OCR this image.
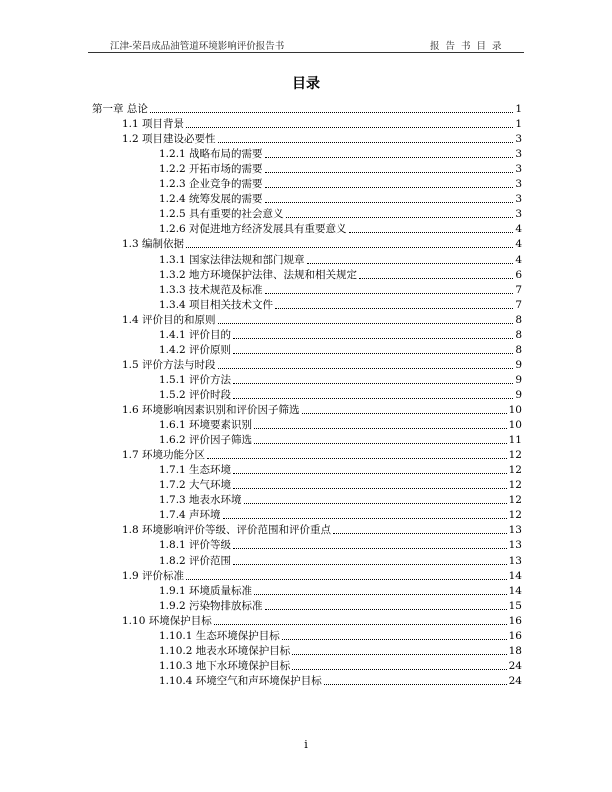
江津-荣昌成品油管道环境影响评价报告书	报告书目录
目录
第一章 总论	1
1.1 项目背景	1
1.2 项目建设必要性	3
1.2.1 战略布局的需要	3
1.2.2 开拓市场的需要	3
1.2.3 企业竞争的需要	3
1.2.4 统筹发展的需要	3
1.2.5 具有重要的社会意义	3
1.2.6 对促进地方经济发展具有重要意义	4
1.3 编制依据	4
1.3.1 国家法律法规和部门规章	4
1.3.2 地方环境保护法律、法规和相关规定	6
1.3.3 技术规范及标准	7
1.3.4 项目相关技术文件	7
1.4 评价目的和原则	8
1.4.1 评价目的	8
1.4.2 评价原则	8
1.5 评价方法与时段	9
1.5.1 评价方法	9
1.5.2 评价时段	9
1.6 环境影响因素识别和评价因子筛选	10
1.6.1 环境要素识别	10
1.6.2 评价因子筛选	11
1.7 环境功能分区	12
1.7.1 生态环境	12
1.7.2 大气环境	12
1.7.3 地表水环境	12
1.7.4 声环境	12
1.8 环境影响评价等级、评价范围和评价重点	13
1.8.1 评价等级	13
1.8.2 评价范围	13
1.9 评价标准	14
1.9.1 环境质量标准	14
1.9.2 污染物排放标准	15
1.10 环境保护目标	16
1.10.1 生态环境保护目标	16
1.10.2 地表水环境保护目标	18
1.10.3 地下水环境保护目标	24
1.10.4 环境空气和声环境保护目标	24
i
